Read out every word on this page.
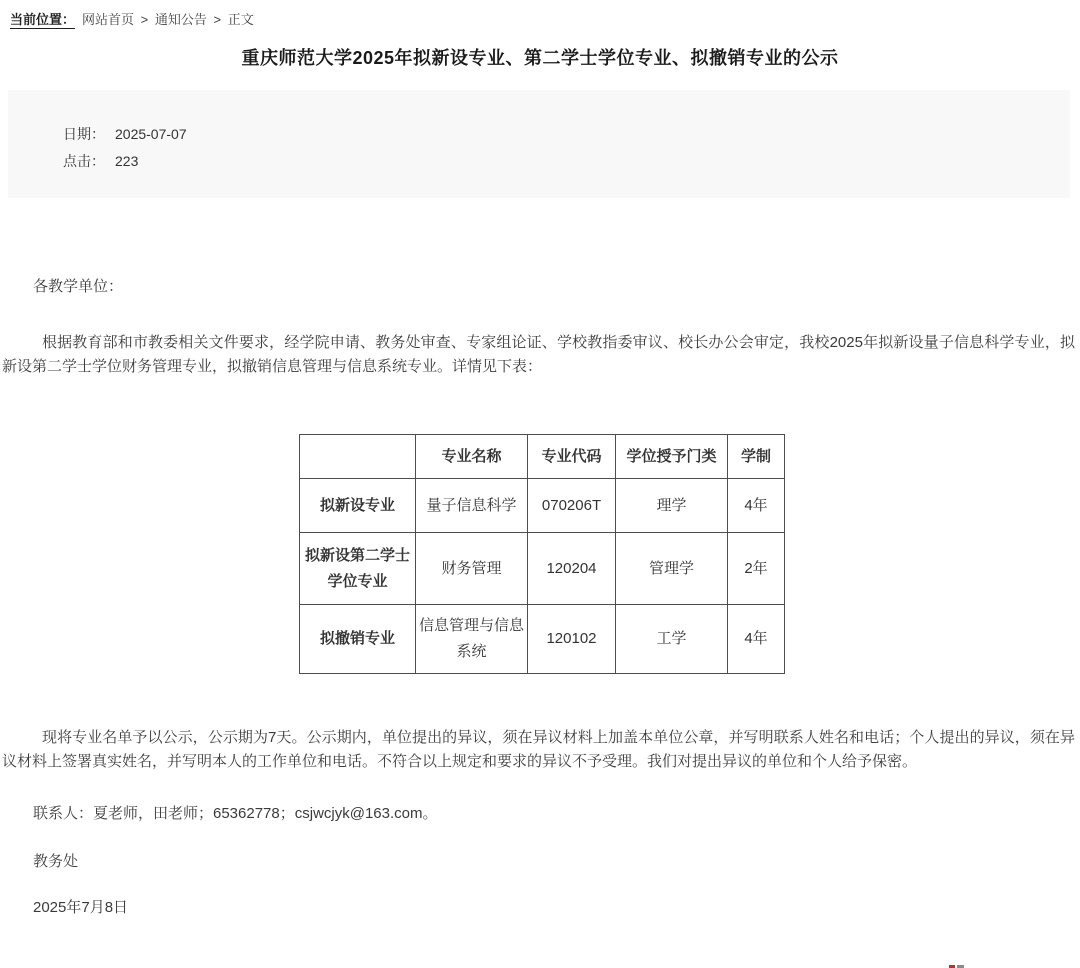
当前位置： 网站首页 > 通知公告 > 正文
重庆师范大学2025年拟新设专业、第二学士学位专业、拟撤销专业的公示
日期： 2025-07-07
点击： 223

各教学单位：

根据教育部和市教委相关文件要求，经学院申请、教务处审查、专家组论证、学校教指委审议、校长办公会审定，我校2025年拟新设量子信息科学专业，拟新设第二学士学位财务管理专业，拟撤销信息管理与信息系统专业。详情见下表：

	专业名称	专业代码	学位授予门类	学制
拟新设专业	量子信息科学	070206T	理学	4年
拟新设第二学士学位专业	财务管理	120204	管理学	2年
拟撤销专业	信息管理与信息系统	120102	工学	4年

现将专业名单予以公示，公示期为7天。公示期内，单位提出的异议，须在异议材料上加盖本单位公章，并写明联系人姓名和电话；个人提出的异议，须在异议材料上签署真实姓名，并写明本人的工作单位和电话。不符合以上规定和要求的异议不予受理。我们对提出异议的单位和个人给予保密。

联系人：夏老师，田老师；65362778；csjwcjyk@163.com。

教务处

2025年7月8日
